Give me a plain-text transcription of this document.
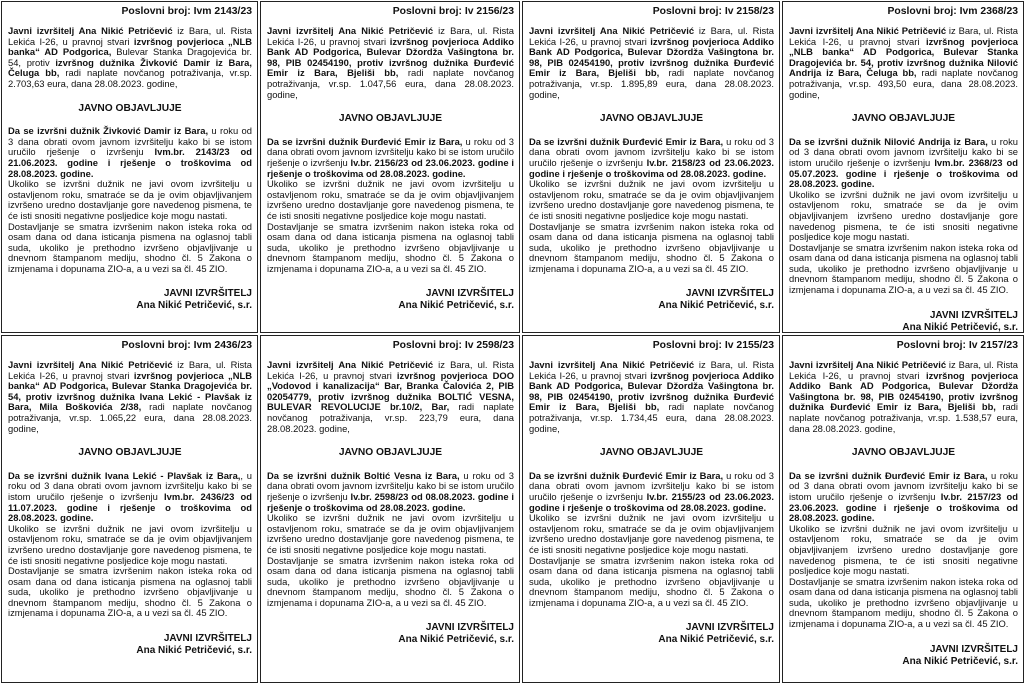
Poslovni broj: Ivm 2143/23
Javni izvršitelj Ana Nikić Petričević iz Bara, ul. Rista Lekića I-26, u pravnoj stvari izvršnog povjerioca „NLB banka“ AD Podgorica, Bulevar Stanka Dragojevića br. 54, protiv izvršnog dužnika Živković Damir iz Bara, Čeluga bb, radi naplate novčanog potraživanja, vr.sp. 2.703,63 eura, dana 28.08.2023. godine,
JAVNO OBJAVLJUJE

Da se izvršni dužnik Živković Damir iz Bara, u roku od 3 dana obrati ovom javnom izvršitelju kako bi se istom uručilo rješenje o izvršenju Ivm.br. 2143/23 od 21.06.2023. godine i rješenje o troškovima od 28.08.2023. godine.

Ukoliko se izvršni dužnik ne javi ovom izvršitelju u ostavljenom roku, smatraće se da je ovim objavljivanjem izvršeno uredno dostavljanje gore navedenog pismena, te će isti snositi negativne posljedice koje mogu nastati.

Dostavljanje se smatra izvršenim nakon isteka roka od osam dana od dana isticanja pismena na oglasnoj tabli suda, ukoliko je prethodno izvršeno objavljivanje u dnevnom štampanom mediju, shodno čl. 5 Zakona o izmjenama i dopunama ZIO-a, a u vezi sa čl. 45 ZIO.

JAVNI IZVRŠITELJ
Ana Nikić Petričević, s.r.
Poslovni broj: Iv 2156/23
Javni izvršitelj Ana Nikić Petričević iz Bara, ul. Rista Lekića I-26, u pravnoj stvari izvršnog povjerioca Addiko Bank AD Podgorica, Bulevar Džordža Vašingtona br. 98, PIB 02454190, protiv izvršnog dužnika Đurđević Emir iz Bara, Bjeliši bb, radi naplate novčanog potraživanja, vr.sp. 1.047,56 eura, dana 28.08.2023. godine,
JAVNO OBJAVLJUJE

Da se izvršni dužnik Đurđević Emir iz Bara, u roku od 3 dana obrati ovom javnom izvršitelju kako bi se istom uručilo rješenje o izvršenju Iv.br. 2156/23 od 23.06.2023. godine i rješenje o troškovima od 28.08.2023. godine.

Ukoliko se izvršni dužnik ne javi ovom izvršitelju u ostavljenom roku, smatraće se da je ovim objavljivanjem izvršeno uredno dostavljanje gore navedenog pismena, te će isti snositi negativne posljedice koje mogu nastati.

Dostavljanje se smatra izvršenim nakon isteka roka od osam dana od dana isticanja pismena na oglasnoj tabli suda, ukoliko je prethodno izvršeno objavljivanje u dnevnom štampanom mediju, shodno čl. 5 Zakona o izmjenama i dopunama ZIO-a, a u vezi sa čl. 45 ZIO.

JAVNI IZVRŠITELJ
Ana Nikić Petričević, s.r.
Poslovni broj: Iv 2158/23
Javni izvršitelj Ana Nikić Petričević iz Bara, ul. Rista Lekića I-26, u pravnoj stvari izvršnog povjerioca Addiko Bank AD Podgorica, Bulevar Džordža Vašingtona br. 98, PIB 02454190, protiv izvršnog dužnika Đurđević Emir iz Bara, Bjeliši bb, radi naplate novčanog potraživanja, vr.sp. 1.895,89 eura, dana 28.08.2023. godine,
JAVNO OBJAVLJUJE

Da se izvršni dužnik Đurđević Emir iz Bara, u roku od 3 dana obrati ovom javnom izvršitelju kako bi se istom uručilo rješenje o izvršenju Iv.br. 2158/23 od 23.06.2023. godine i rješenje o troškovima od 28.08.2023. godine.

Ukoliko se izvršni dužnik ne javi ovom izvršitelju u ostavljenom roku, smatraće se da je ovim objavljivanjem izvršeno uredno dostavljanje gore navedenog pismena, te će isti snositi negativne posljedice koje mogu nastati.

Dostavljanje se smatra izvršenim nakon isteka roka od osam dana od dana isticanja pismena na oglasnoj tabli suda, ukoliko je prethodno izvršeno objavljivanje u dnevnom štampanom mediju, shodno čl. 5 Zakona o izmjenama i dopunama ZIO-a, a u vezi sa čl. 45 ZIO.

JAVNI IZVRŠITELJ
Ana Nikić Petričević, s.r.
Poslovni broj: Ivm 2368/23
Javni izvršitelj Ana Nikić Petričević iz Bara, ul. Rista Lekića I-26, u pravnoj stvari izvršnog povjerioca „NLB banka“ AD Podgorica, Bulevar Stanka Dragojevića br. 54, protiv izvršnog dužnika Nilović Andrija iz Bara, Čeluga bb, radi naplate novčanog potraživanja, vr.sp. 493,50 eura, dana 28.08.2023. godine,
JAVNO OBJAVLJUJE

Da se izvršni dužnik Nilović Andrija iz Bara, u roku od 3 dana obrati ovom javnom izvršitelju kako bi se istom uručilo rješenje o izvršenju Ivm.br. 2368/23 od 05.07.2023. godine i rješenje o troškovima od 28.08.2023. godine.

Ukoliko se izvršni dužnik ne javi ovom izvršitelju u ostavljenom roku, smatraće se da je ovim objavljivanjem izvršeno uredno dostavljanje gore navedenog pismena, te će isti snositi negativne posljedice koje mogu nastati.

Dostavljanje se smatra izvršenim nakon isteka roka od osam dana od dana isticanja pismena na oglasnoj tabli suda, ukoliko je prethodno izvršeno objavljivanje u dnevnom štampanom mediju, shodno čl. 5 Zakona o izmjenama i dopunama ZIO-a, a u vezi sa čl. 45 ZIO.

JAVNI IZVRŠITELJ
Ana Nikić Petričević, s.r.
Poslovni broj: Ivm 2436/23
Javni izvršitelj Ana Nikić Petričević iz Bara, ul. Rista Lekića I-26, u pravnoj stvari izvršnog povjerioca „NLB banka“ AD Podgorica, Bulevar Stanka Dragojevića br. 54, protiv izvršnog dužnika Ivana Lekić - Plavšak iz Bara, Mila Boškovića 2/38, radi naplate novčanog potraživanja, vr.sp. 1.065,22 eura, dana 28.08.2023. godine,
JAVNO OBJAVLJUJE

Da se izvršni dužnik Ivana Lekić - Plavšak iz Bara,, u roku od 3 dana obrati ovom javnom izvršitelju kako bi se istom uručilo rješenje o izvršenju Ivm.br. 2436/23 od 11.07.2023. godine i rješenje o troškovima od 28.08.2023. godine.

Ukoliko se izvršni dužnik ne javi ovom izvršitelju u ostavljenom roku, smatraće se da je ovim objavljivanjem izvršeno uredno dostavljanje gore navedenog pismena, te će isti snositi negativne posljedice koje mogu nastati.

Dostavljanje se smatra izvršenim nakon isteka roka od osam dana od dana isticanja pismena na oglasnoj tabli suda, ukoliko je prethodno izvršeno objavljivanje u dnevnom štampanom mediju, shodno čl. 5 Zakona o izmjenama i dopunama ZIO-a, a u vezi sa čl. 45 ZIO.

JAVNI IZVRŠITELJ
Ana Nikić Petričević, s.r.
Poslovni broj: Iv 2598/23
Javni izvršitelj Ana Nikić Petričević iz Bara, ul. Rista Lekića I-26, u pravnoj stvari izvršnog povjerioca DOO „Vodovod i kanalizacija“ Bar, Branka Čalovića 2, PIB 02054779, protiv izvršnog dužnika BOLTIĆ VESNA, BULEVAR REVOLUCIJE br.10/2, Bar, radi naplate novčanog potraživanja, vr.sp. 223,79 eura, dana 28.08.2023. godine,
JAVNO OBJAVLJUJE

Da se izvršni dužnik Boltić Vesna iz Bara, u roku od 3 dana obrati ovom javnom izvršitelju kako bi se istom uručilo rješenje o izvršenju Iv.br. 2598/23 od 08.08.2023. godine i rješenje o troškovima od 28.08.2023. godine.

Ukoliko se izvršni dužnik ne javi ovom izvršitelju u ostavljenom roku, smatraće se da je ovim objavljivanjem izvršeno uredno dostavljanje gore navedenog pismena, te će isti snositi negativne posljedice koje mogu nastati.

Dostavljanje se smatra izvršenim nakon isteka roka od osam dana od dana isticanja pismena na oglasnoj tabli suda, ukoliko je prethodno izvršeno objavljivanje u dnevnom štampanom mediju, shodno čl. 5 Zakona o izmjenama i dopunama ZIO-a, a u vezi sa čl. 45 ZIO.

JAVNI IZVRŠITELJ
Ana Nikić Petričević, s.r.
Poslovni broj: Iv 2155/23
Javni izvršitelj Ana Nikić Petričević iz Bara, ul. Rista Lekića I-26, u pravnoj stvari izvršnog povjerioca Addiko Bank AD Podgorica, Bulevar Džordža Vašingtona br. 98, PIB 02454190, protiv izvršnog dužnika Đurđević Emir iz Bara, Bjeliši bb, radi naplate novčanog potraživanja, vr.sp. 1.734,45 eura, dana 28.08.2023. godine,
JAVNO OBJAVLJUJE

Da se izvršni dužnik Đurđević Emir iz Bara, u roku od 3 dana obrati ovom javnom izvršitelju kako bi se istom uručilo rješenje o izvršenju Iv.br. 2155/23 od 23.06.2023. godine i rješenje o troškovima od 28.08.2023. godine.

Ukoliko se izvršni dužnik ne javi ovom izvršitelju u ostavljenom roku, smatraće se da je ovim objavljivanjem izvršeno uredno dostavljanje gore navedenog pismena, te će isti snositi negativne posljedice koje mogu nastati.

Dostavljanje se smatra izvršenim nakon isteka roka od osam dana od dana isticanja pismena na oglasnoj tabli suda, ukoliko je prethodno izvršeno objavljivanje u dnevnom štampanom mediju, shodno čl. 5 Zakona o izmjenama i dopunama ZIO-a, a u vezi sa čl. 45 ZIO.

JAVNI IZVRŠITELJ
Ana Nikić Petričević, s.r.
Poslovni broj: Iv 2157/23
Javni izvršitelj Ana Nikić Petričević iz Bara, ul. Rista Lekića I-26, u pravnoj stvari izvršnog povjerioca Addiko Bank AD Podgorica, Bulevar Džordža Vašingtona br. 98, PIB 02454190, protiv izvršnog dužnika Đurđević Emir iz Bara, Bjeliši bb, radi naplate novčanog potraživanja, vr.sp. 1.538,57 eura, dana 28.08.2023. godine,
JAVNO OBJAVLJUJE

Da se izvršni dužnik Đurđević Emir iz Bara, u roku od 3 dana obrati ovom javnom izvršitelju kako bi se istom uručilo rješenje o izvršenju Iv.br. 2157/23 od 23.06.2023. godine i rješenje o troškovima od 28.08.2023. godine.

Ukoliko se izvršni dužnik ne javi ovom izvršitelju u ostavljenom roku, smatraće se da je ovim objavljivanjem izvršeno uredno dostavljanje gore navedenog pismena, te će isti snositi negativne posljedice koje mogu nastati.

Dostavljanje se smatra izvršenim nakon isteka roka od osam dana od dana isticanja pismena na oglasnoj tabli suda, ukoliko je prethodno izvršeno objavljivanje u dnevnom štampanom mediju, shodno čl. 5 Zakona o izmjenama i dopunama ZIO-a, a u vezi sa čl. 45 ZIO.

JAVNI IZVRŠITELJ
Ana Nikić Petričević, s.r.
